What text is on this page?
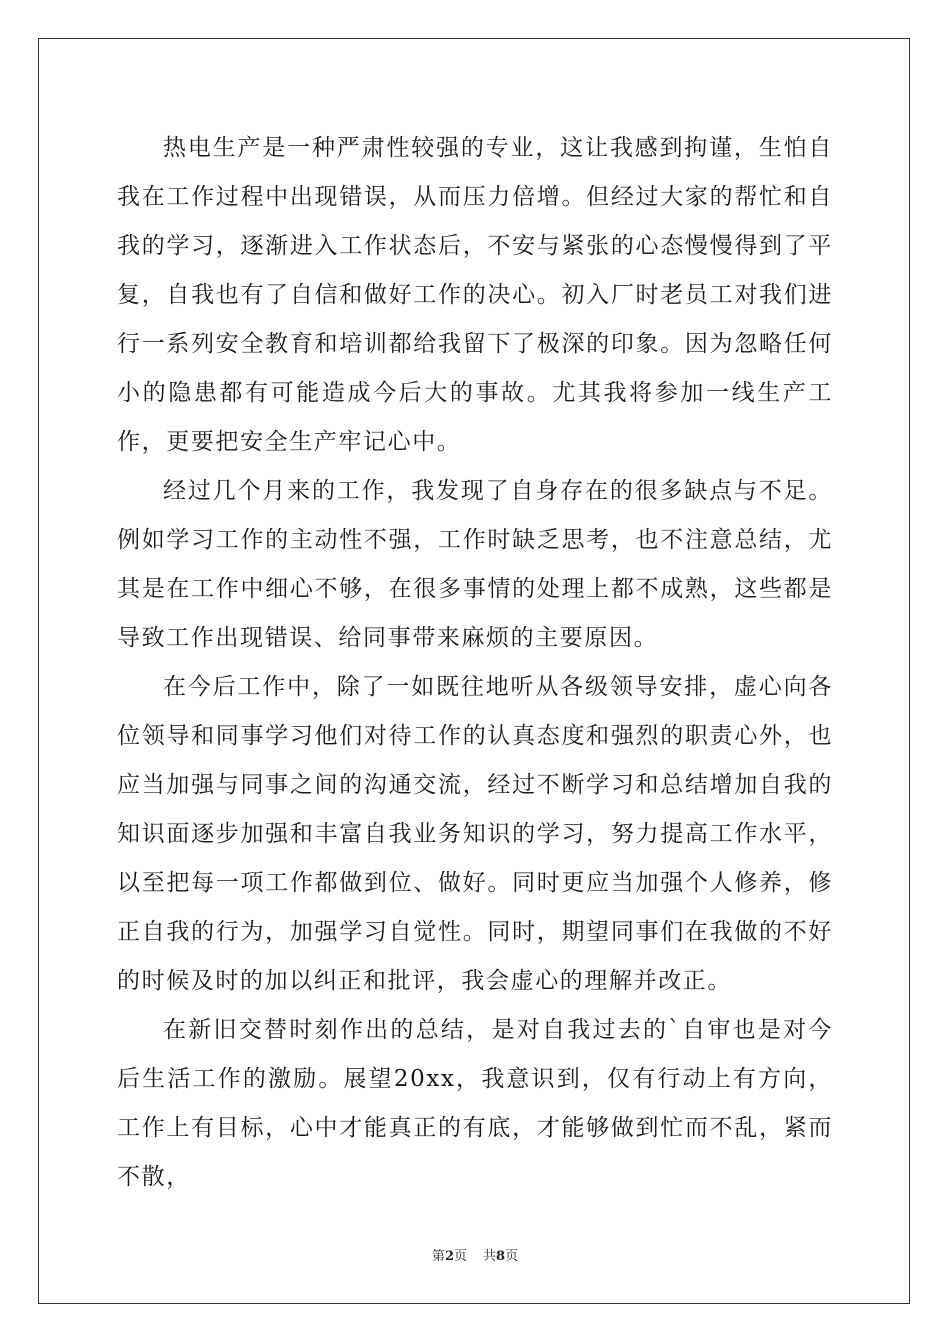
热电生产是一种严肃性较强的专业，这让我感到拘谨，生怕自我在工作过程中出现错误，从而压力倍增。但经过大家的帮忙和自我的学习，逐渐进入工作状态后，不安与紧张的心态慢慢得到了平复，自我也有了自信和做好工作的决心。初入厂时老员工对我们进行一系列安全教育和培训都给我留下了极深的印象。因为忽略任何小的隐患都有可能造成今后大的事故。尤其我将参加一线生产工作，更要把安全生产牢记心中。

经过几个月来的工作，我发现了自身存在的很多缺点与不足。例如学习工作的主动性不强，工作时缺乏思考，也不注意总结，尤其是在工作中细心不够，在很多事情的处理上都不成熟，这些都是导致工作出现错误、给同事带来麻烦的主要原因。

在今后工作中，除了一如既往地听从各级领导安排，虚心向各位领导和同事学习他们对待工作的认真态度和强烈的职责心外，也应当加强与同事之间的沟通交流，经过不断学习和总结增加自我的知识面逐步加强和丰富自我业务知识的学习，努力提高工作水平，以至把每一项工作都做到位、做好。同时更应当加强个人修养，修正自我的行为，加强学习自觉性。同时，期望同事们在我做的不好的时候及时的加以纠正和批评，我会虚心的理解并改正。

在新旧交替时刻作出的总结，是对自我过去的`自审也是对今后生活工作的激励。展望20xx，我意识到，仅有行动上有方向，工作上有目标，心中才能真正的有底，才能够做到忙而不乱，紧而不散，

第2页 共8页
